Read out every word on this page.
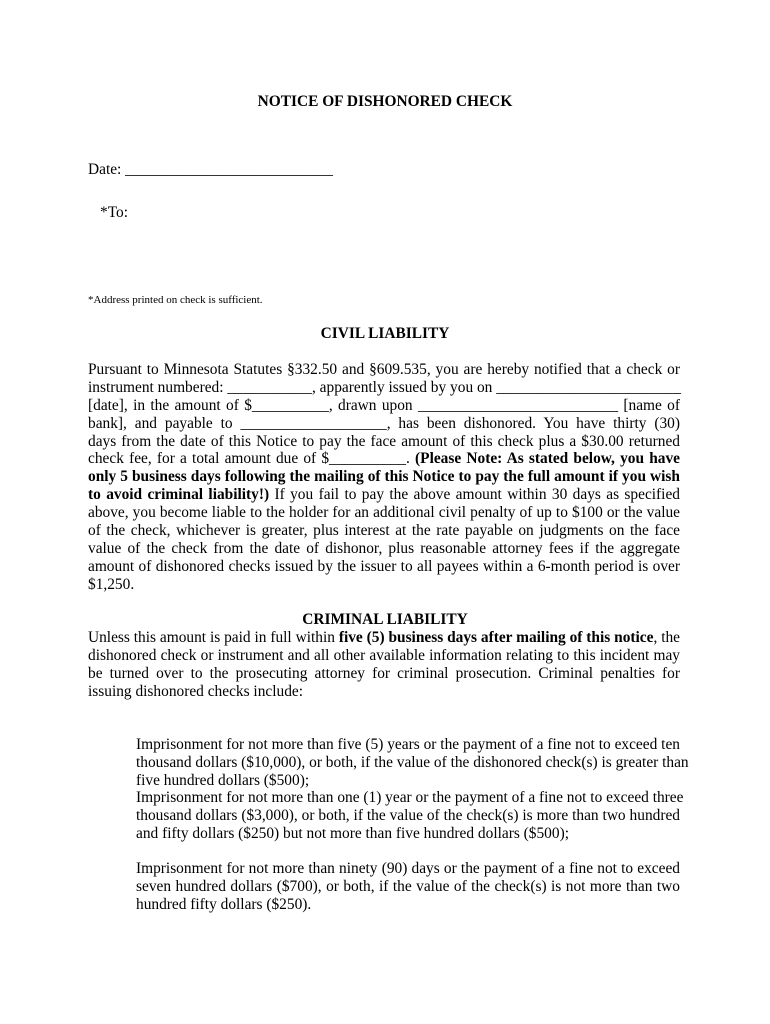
NOTICE OF DISHONORED CHECK
Date: ___________________________
*To:
*Address printed on check is sufficient.
CIVIL LIABILITY
Pursuant to Minnesota Statutes §332.50 and §609.535, you are hereby notified that a check or
instrument numbered: ___________, apparently issued by you on ________________________
[date], in the amount of $__________, drawn upon __________________________ [name of
bank], and payable to ___________________, has been dishonored. You have thirty (30)
days from the date of this Notice to pay the face amount of this check plus a $30.00 returned
check fee, for a total amount due of $__________. (Please Note: As stated below, you have
only 5 business days following the mailing of this Notice to pay the full amount if you wish
to avoid criminal liability!) If you fail to pay the above amount within 30 days as specified
above, you become liable to the holder for an additional civil penalty of up to $100 or the value
of the check, whichever is greater, plus interest at the rate payable on judgments on the face
value of the check from the date of dishonor, plus reasonable attorney fees if the aggregate
amount of dishonored checks issued by the issuer to all payees within a 6-month period is over
$1,250.
CRIMINAL LIABILITY
Unless this amount is paid in full within five (5) business days after mailing of this notice, the
dishonored check or instrument and all other available information relating to this incident may
be turned over to the prosecuting attorney for criminal prosecution. Criminal penalties for
issuing dishonored checks include:
Imprisonment for not more than five (5) years or the payment of a fine not to exceed ten
thousand dollars ($10,000), or both, if the value of the dishonored check(s) is greater than
five hundred dollars ($500);
Imprisonment for not more than one (1) year or the payment of a fine not to exceed three
thousand dollars ($3,000), or both, if the value of the check(s) is more than two hundred
and fifty dollars ($250) but not more than five hundred dollars ($500);
Imprisonment for not more than ninety (90) days or the payment of a fine not to exceed
seven hundred dollars ($700), or both, if the value of the check(s) is not more than two
hundred fifty dollars ($250).
